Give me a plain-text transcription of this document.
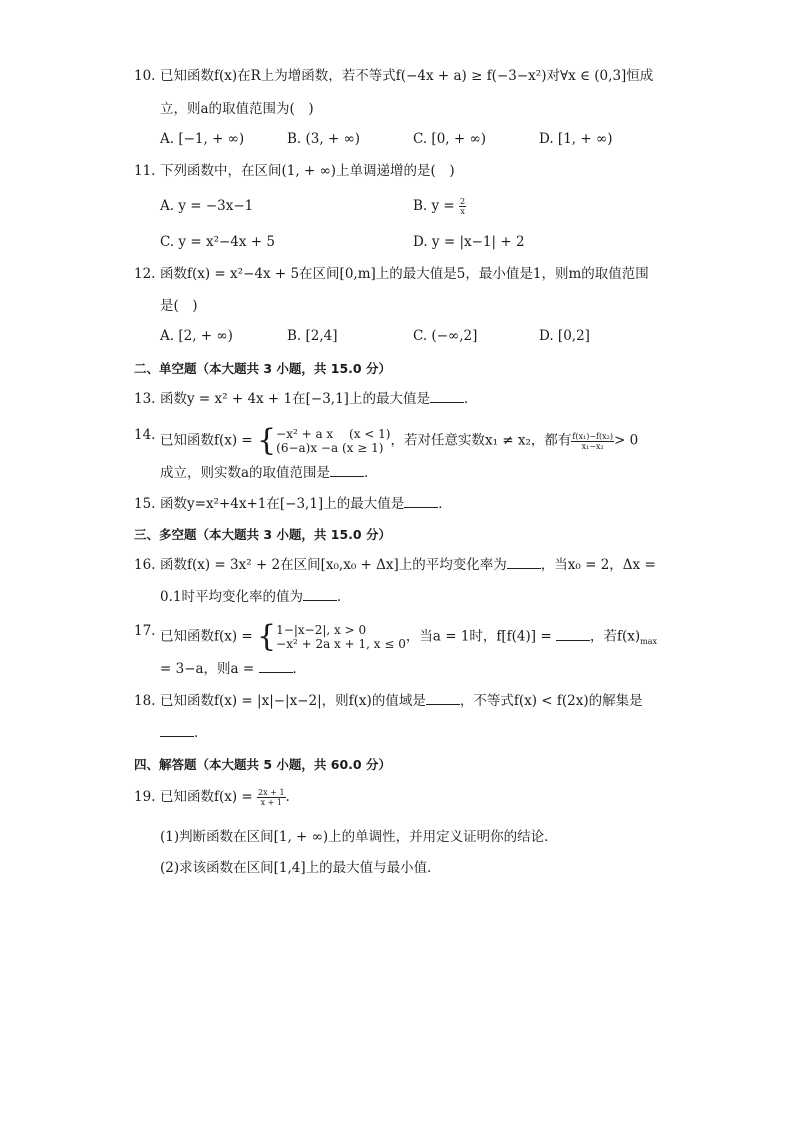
10. 已知函数f(x)在R上为增函数，若不等式f(−4x + a) ≥ f(−3−x²)对∀x ∈ (0,3]恒成
立，则a的取值范围为(　)
A. [−1, + ∞)	B. (3, + ∞)	C. [0, + ∞)	D. [1, + ∞)
11. 下列函数中，在区间(1, + ∞)上单调递增的是(　)
A. y = −3x−1	B. $y = \frac{2}{x}$
C. y = x²−4x + 5	D. y = |x−1| + 2
12. 函数f(x) = x²−4x + 5在区间[0,m]上的最大值是5，最小值是1，则m的取值范围
是(　)
A. [2, + ∞)	B. [2,4]	C. (−∞,2]	D. [0,2]
二、单空题（本大题共 3 小题，共 15.0 分）
13. 函数y = x² + 4x + 1在[−3,1]上的最大值是	．
14. 已知函数f(x) = { −x² + a x　 (x < 1)
(6−a)x −a (x ≥ 1) ，若对任意实数x₁ ≠ x₂，都有 $\frac{\text{f(x₁)−f(x₂)}}{\text{x₁−x₂}} > 0$
成立，则实数a的取值范围是	．
15. 函数y=x²+4x+1在[−3,1]上的最大值是	．
三、多空题（本大题共 3 小题，共 15.0 分）
16. 函数f(x) = 3x² + 2在区间[x₀,x₀ + Δx]上的平均变化率为	，当x₀ = 2，Δx =
0.1时平均变化率的值为	．
17. 已知函数f(x) = { 1−|x−2|, x > 0
−x² + 2a x + 1, x ≤ 0 ，当a = 1时，f[f(4)] =	，若$f(x)_{max}$
= 3−a，则a =	．
18. 已知函数f(x) = |x|−|x−2|，则f(x)的值域是	，不等式f(x) < f(2x)的解集是
．
四、解答题（本大题共 5 小题，共 60.0 分）
19. 已知函数$f(x) = \frac{2x + 1}{x + 1}$ .
(1)判断函数在区间[1, + ∞)上的单调性，并用定义证明你的结论．
(2)求该函数在区间[1,4]上的最大值与最小值．
